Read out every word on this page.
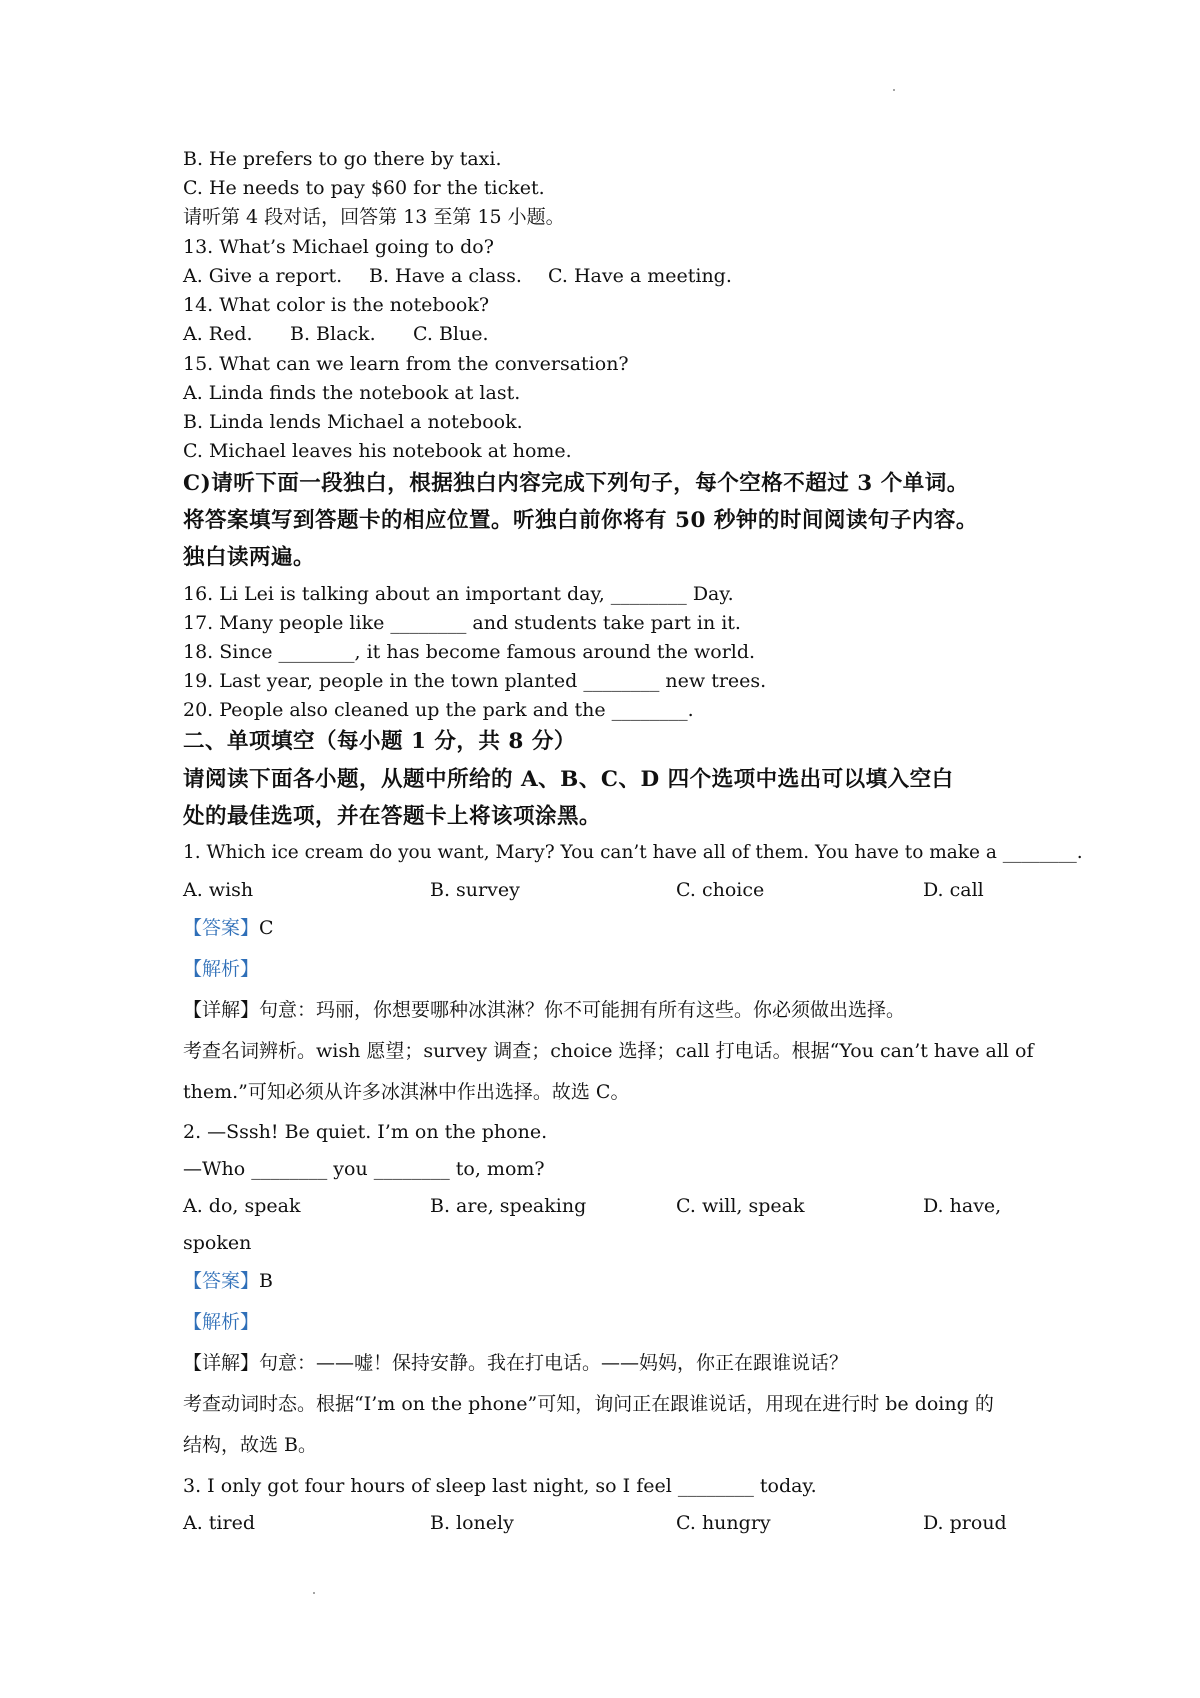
B. He prefers to go there by taxi.
C. He needs to pay $60 for the ticket.
请听第 4 段对话，回答第 13 至第 15 小题。
13. What’s Michael going to do?
A. Give a report. B. Have a class. C. Have a meeting.
14. What color is the notebook?
A. Red. B. Black. C. Blue.
15. What can we learn from the conversation?
A. Linda finds the notebook at last.
B. Linda lends Michael a notebook.
C. Michael leaves his notebook at home.
C)请听下面一段独白，根据独白内容完成下列句子，每个空格不超过 3 个单词。
将答案填写到答题卡的相应位置。听独白前你将有 50 秒钟的时间阅读句子内容。
独白读两遍。
16. Li Lei is talking about an important day, ________ Day.
17. Many people like ________ and students take part in it.
18. Since ________, it has become famous around the world.
19. Last year, people in the town planted ________ new trees.
20. People also cleaned up the park and the ________.
二、单项填空（每小题 1 分，共 8 分）
请阅读下面各小题，从题中所给的 A、B、C、D 四个选项中选出可以填入空白
处的最佳选项，并在答题卡上将该项涂黑。
1. Which ice cream do you want, Mary? You can’t have all of them. You have to make a ________.
A. wish	B. survey	C. choice	D. call
【答案】C
【解析】
【详解】句意：玛丽，你想要哪种冰淇淋？你不可能拥有所有这些。你必须做出选择。
考查名词辨析。wish 愿望；survey 调查；choice 选择；call 打电话。根据“You can’t have all of
them.”可知必须从许多冰淇淋中作出选择。故选 C。
2. —Sssh! Be quiet. I’m on the phone.
—Who ________ you ________ to, mom?
A. do, speak	B. are, speaking	C. will, speak	D. have,
spoken
【答案】B
【解析】
【详解】句意：——嘘！保持安静。我在打电话。——妈妈，你正在跟谁说话？
考查动词时态。根据“I’m on the phone”可知，询问正在跟谁说话，用现在进行时 be doing 的
结构，故选 B。
3. I only got four hours of sleep last night, so I feel ________ today.
A. tired	B. lonely	C. hungry	D. proud
